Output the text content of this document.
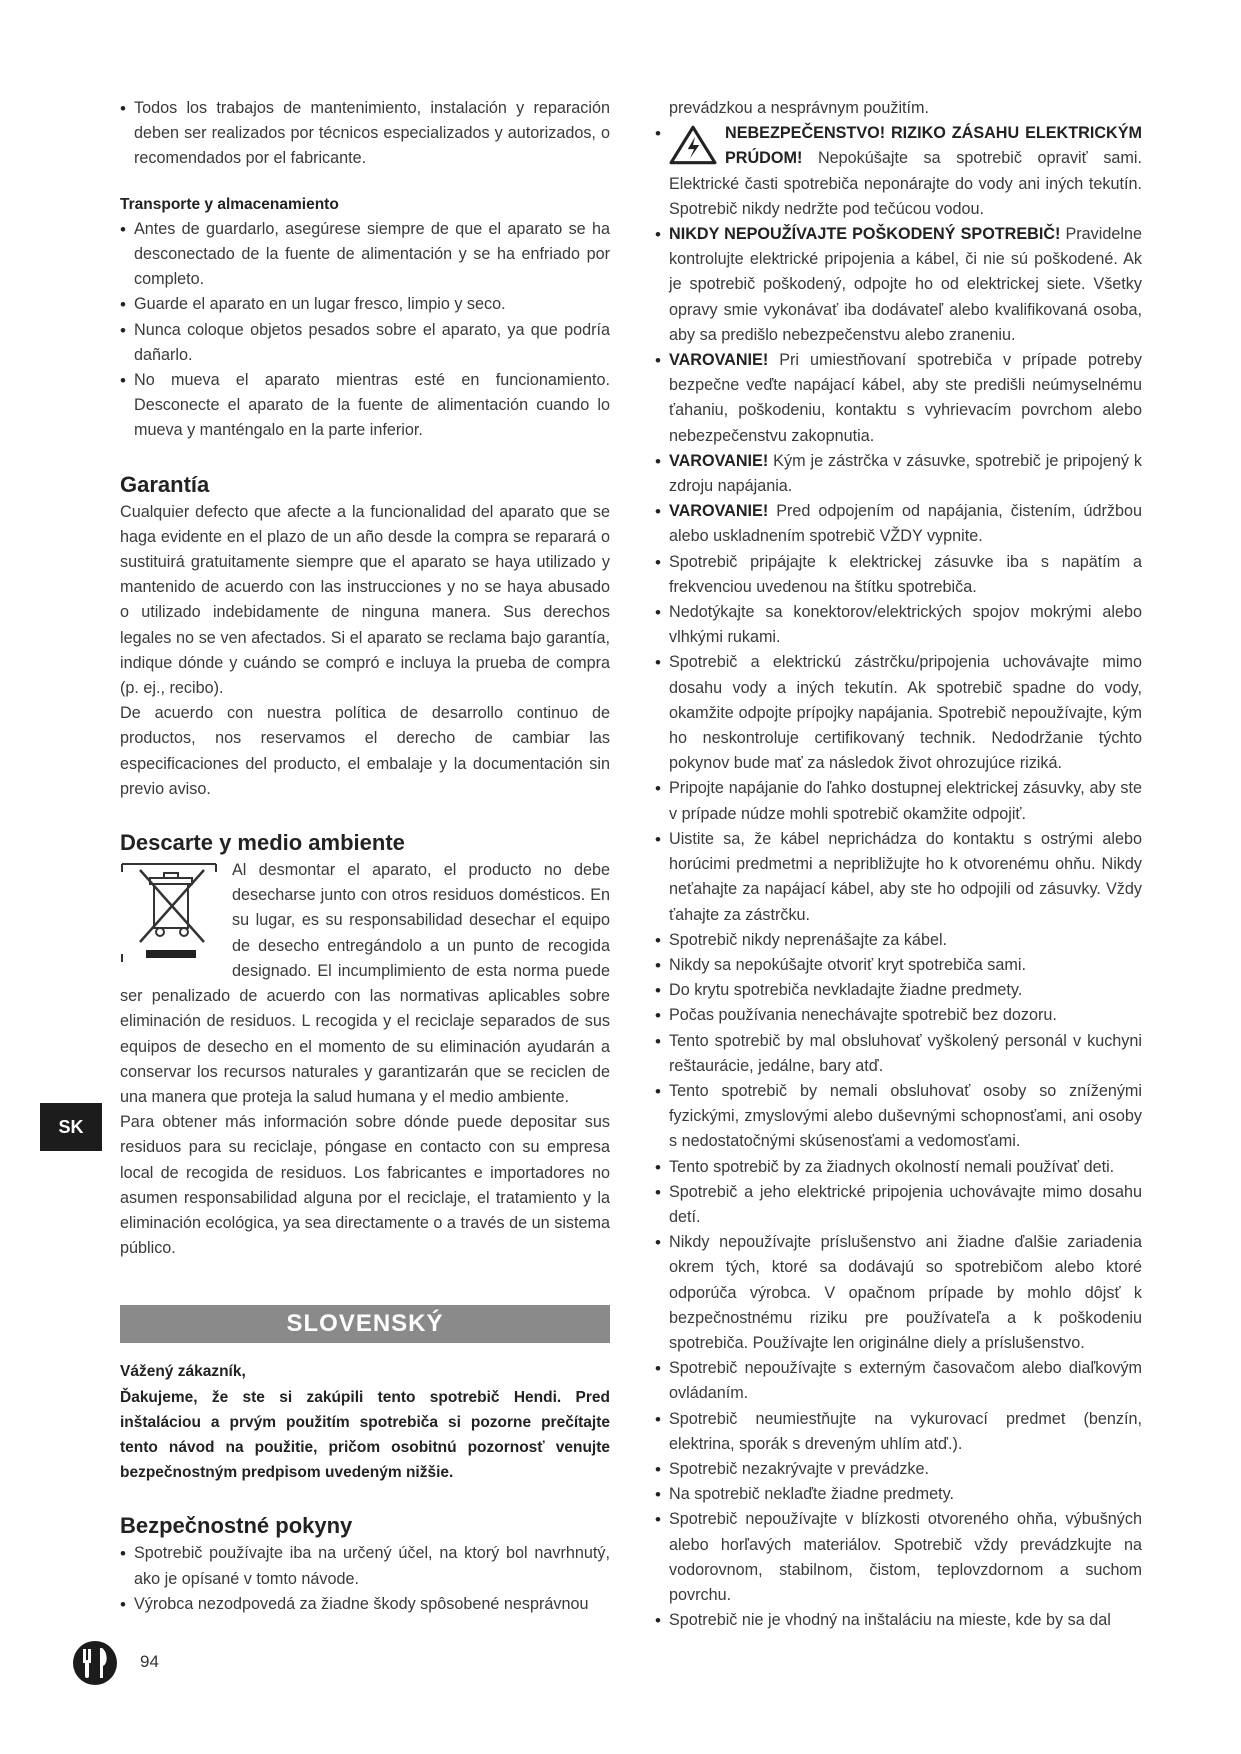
• Todos los trabajos de mantenimiento, instalación y reparación deben ser realizados por técnicos especializados y autorizados, o recomendados por el fabricante.
Transporte y almacenamiento
• Antes de guardarlo, asegúrese siempre de que el aparato se ha desconectado de la fuente de alimentación y se ha enfriado por completo.
• Guarde el aparato en un lugar fresco, limpio y seco.
• Nunca coloque objetos pesados sobre el aparato, ya que podría dañarlo.
• No mueva el aparato mientras esté en funcionamiento. Desconecte el aparato de la fuente de alimentación cuando lo mueva y manténgalo en la parte inferior.
Garantía

Cualquier defecto que afecte a la funcionalidad del aparato que se haga evidente en el plazo de un año desde la compra se reparará o sustituirá gratuitamente siempre que el aparato se haya utilizado y mantenido de acuerdo con las instrucciones y no se haya abusado o utilizado indebidamente de ninguna manera. Sus derechos legales no se ven afectados. Si el aparato se reclama bajo garantía, indique dónde y cuándo se compró e incluya la prueba de compra (p. ej., recibo).

De acuerdo con nuestra política de desarrollo continuo de productos, nos reservamos el derecho de cambiar las especificaciones del producto, el embalaje y la documentación sin previo aviso.

Descarte y medio ambiente

Al desmontar el aparato, el producto no debe desecharse junto con otros residuos domésticos. En su lugar, es su responsabilidad desechar el equipo de desecho entregándolo a un punto de recogida designado. El incumplimiento de esta norma puede ser penalizado de acuerdo con las normativas aplicables sobre eliminación de residuos. L recogida y el reciclaje separados de sus equipos de desecho en el momento de su eliminación ayudarán a conservar los recursos naturales y garantizarán que se reciclen de una manera que proteja la salud humana y el medio ambiente.

Para obtener más información sobre dónde puede depositar sus residuos para su reciclaje, póngase en contacto con su empresa local de recogida de residuos. Los fabricantes e importadores no asumen responsabilidad alguna por el reciclaje, el tratamiento y la eliminación ecológica, ya sea directamente o a través de un sistema público.

SLOVENSKÝ
Vážený zákazník,

Ďakujeme, že ste si zakúpili tento spotrebič Hendi. Pred inštaláciou a prvým použitím spotrebiča si pozorne prečítajte tento návod na použitie, pričom osobitnú pozornosť venujte bezpečnostným predpisom uvedeným nižšie.

Bezpečnostné pokyny
• Spotrebič používajte iba na určený účel, na ktorý bol navrhnutý, ako je opísané v tomto návode.
• Výrobca nezodpovedá za žiadne škody spôsobené nesprávnou

prevádzkou a nesprávnym použitím.

• NEBEZPEČENSTVO! RIZIKO ZÁSAHU ELEKTRICKÝM PRÚDOM! Nepokúšajte sa spotrebič opraviť sami. Elektrické časti spotrebiča neponárajte do vody ani iných tekutín. Spotrebič nikdy nedržte pod tečúcou vodou.
• NIKDY NEPOUŽÍVAJTE POŠKODENÝ SPOTREBIČ! Pravidelne kontrolujte elektrické pripojenia a kábel, či nie sú poškodené. Ak je spotrebič poškodený, odpojte ho od elektrickej siete. Všetky opravy smie vykonávať iba dodávateľ alebo kvalifikovaná osoba, aby sa predišlo nebezpečenstvu alebo zraneniu.
• VAROVANIE! Pri umiestňovaní spotrebiča v prípade potreby bezpečne veďte napájací kábel, aby ste predišli neúmyselnému ťahaniu, poškodeniu, kontaktu s vyhrievacím povrchom alebo nebezpečenstvu zakopnutia.
• VAROVANIE! Kým je zástrčka v zásuvke, spotrebič je pripojený k zdroju napájania.
• VAROVANIE! Pred odpojením od napájania, čistením, údržbou alebo uskladnením spotrebič VŽDY vypnite.
• Spotrebič pripájajte k elektrickej zásuvke iba s napätím a frekvenciou uvedenou na štítku spotrebiča.
• Nedotýkajte sa konektorov/elektrických spojov mokrými alebo vlhkými rukami.
• Spotrebič a elektrickú zástrčku/pripojenia uchovávajte mimo dosahu vody a iných tekutín. Ak spotrebič spadne do vody, okamžite odpojte prípojky napájania. Spotrebič nepoužívajte, kým ho neskontroluje certifikovaný technik. Nedodržanie týchto pokynov bude mať za následok život ohrozujúce riziká.
• Pripojte napájanie do ľahko dostupnej elektrickej zásuvky, aby ste v prípade núdze mohli spotrebič okamžite odpojiť.
• Uistite sa, že kábel neprichádza do kontaktu s ostrými alebo horúcimi predmetmi a nepribližujte ho k otvorenému ohňu. Nikdy neťahajte za napájací kábel, aby ste ho odpojili od zásuvky. Vždy ťahajte za zástrčku.
• Spotrebič nikdy neprenášajte za kábel.
• Nikdy sa nepokúšajte otvoriť kryt spotrebiča sami.
• Do krytu spotrebiča nevkladajte žiadne predmety.
• Počas používania nenechávajte spotrebič bez dozoru.
• Tento spotrebič by mal obsluhovať vyškolený personál v kuchyni reštaurácie, jedálne, bary atď.
• Tento spotrebič by nemali obsluhovať osoby so zníženými fyzickými, zmyslovými alebo duševnými schopnosťami, ani osoby s nedostatočnými skúsenosťami a vedomosťami.
• Tento spotrebič by za žiadnych okolností nemali používať deti.
• Spotrebič a jeho elektrické pripojenia uchovávajte mimo dosahu detí.
• Nikdy nepoužívajte príslušenstvo ani žiadne ďalšie zariadenia okrem tých, ktoré sa dodávajú so spotrebičom alebo ktoré odporúča výrobca. V opačnom prípade by mohlo dôjsť k bezpečnostnému riziku pre používateľa a k poškodeniu spotrebiča. Používajte len originálne diely a príslušenstvo.
• Spotrebič nepoužívajte s externým časovačom alebo diaľkovým ovládaním.
• Spotrebič neumiestňujte na vykurovací predmet (benzín, elektrina, sporák s dreveným uhlím atď.).
• Spotrebič nezakrývajte v prevádzke.
• Na spotrebič neklaďte žiadne predmety.
• Spotrebič nepoužívajte v blízkosti otvoreného ohňa, výbušných alebo horľavých materiálov. Spotrebič vždy prevádzkujte na vodorovnom, stabilnom, čistom, teplovzdornom a suchom povrchu.
• Spotrebič nie je vhodný na inštaláciu na mieste, kde by sa dal
SK
94
